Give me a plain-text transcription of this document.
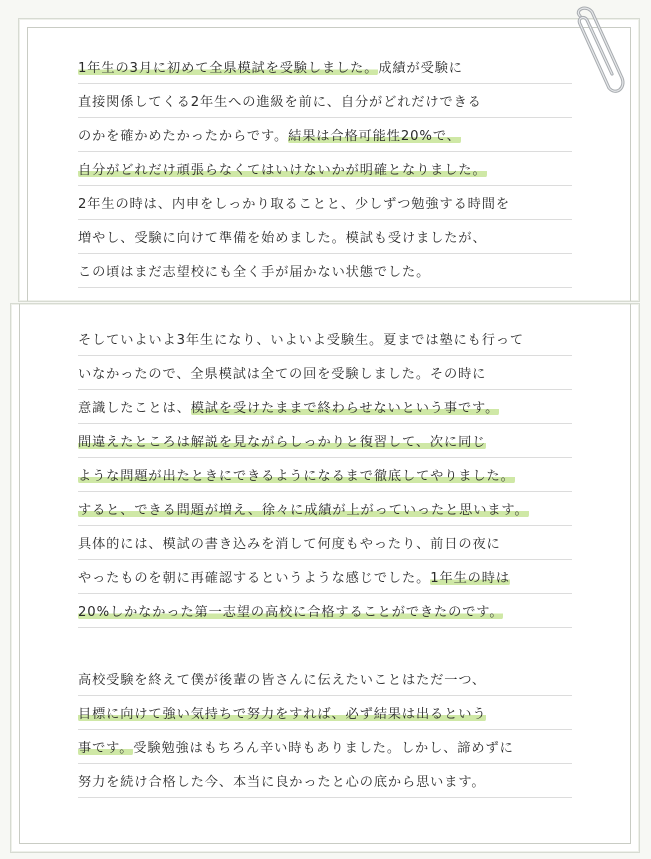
1年生の3月に初めて全県模試を受験しました。成績が受験に
直接関係してくる2年生への進級を前に、自分がどれだけできる
のかを確かめたかったからです。結果は合格可能性20%で、
自分がどれだけ頑張らなくてはいけないかが明確となりました。
2年生の時は、内申をしっかり取ることと、少しずつ勉強する時間を
増やし、受験に向けて準備を始めました。模試も受けましたが、
この頃はまだ志望校にも全く手が届かない状態でした。
そしていよいよ3年生になり、いよいよ受験生。夏までは塾にも行って
いなかったので、全県模試は全ての回を受験しました。その時に
意識したことは、模試を受けたままで終わらせないという事です。
間違えたところは解説を見ながらしっかりと復習して、次に同じ
ような問題が出たときにできるようになるまで徹底してやりました。
すると、できる問題が増え、徐々に成績が上がっていったと思います。
具体的には、模試の書き込みを消して何度もやったり、前日の夜に
やったものを朝に再確認するというような感じでした。1年生の時は
20%しかなかった第一志望の高校に合格することができたのです。
高校受験を終えて僕が後輩の皆さんに伝えたいことはただ一つ、
目標に向けて強い気持ちで努力をすれば、必ず結果は出るという
事です。受験勉強はもちろん辛い時もありました。しかし、諦めずに
努力を続け合格した今、本当に良かったと心の底から思います。
